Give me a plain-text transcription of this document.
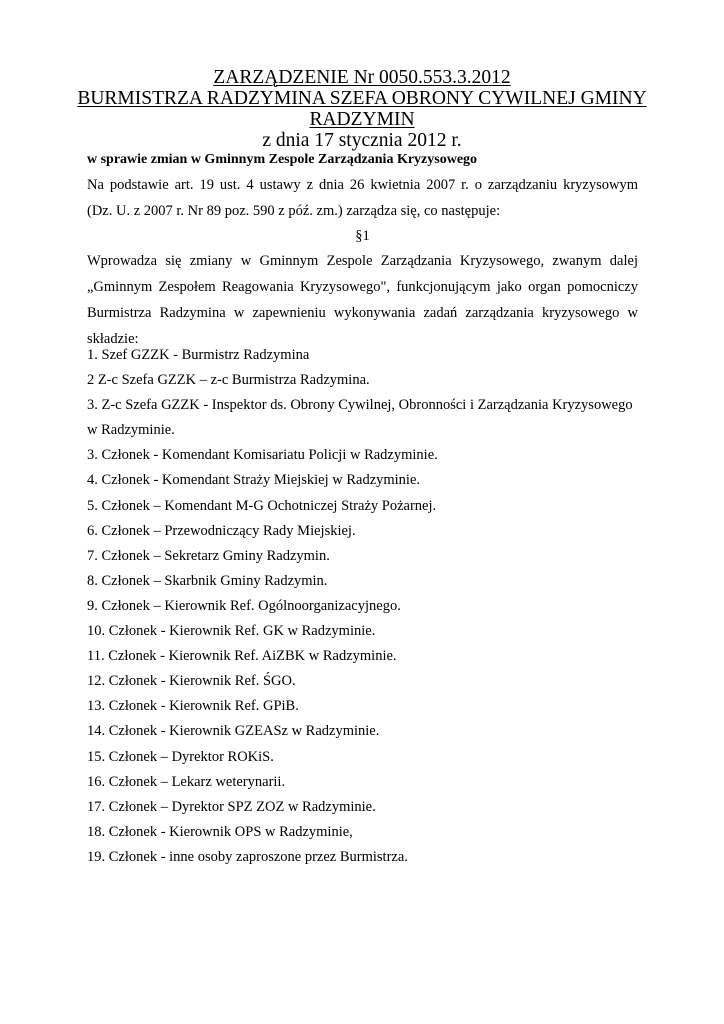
ZARZĄDZENIE Nr 0050.553.3.2012
BURMISTRZA RADZYMINA SZEFA OBRONY CYWILNEJ GMINY
RADZYMIN
z dnia 17 stycznia 2012 r.
w sprawie zmian w Gminnym Zespole Zarządzania Kryzysowego
Na podstawie art. 19 ust. 4 ustawy z dnia 26 kwietnia 2007 r. o zarządzaniu kryzysowym
(Dz. U. z 2007 r. Nr 89 poz. 590 z póź. zm.) zarządza się, co następuje:
§1
Wprowadza się zmiany w Gminnym Zespole Zarządzania Kryzysowego, zwanym dalej
„Gminnym Zespołem Reagowania Kryzysowego", funkcjonującym jako organ pomocniczy
Burmistrza Radzymina w zapewnieniu wykonywania zadań zarządzania kryzysowego w
składzie:
1. Szef GZZK - Burmistrz Radzymina
2 Z-c Szefa GZZK – z-c Burmistrza Radzymina.
3. Z-c Szefa GZZK - Inspektor ds. Obrony Cywilnej, Obronności i Zarządzania Kryzysowego
w Radzyminie.
3. Członek - Komendant Komisariatu Policji w Radzyminie.
4. Członek - Komendant Straży Miejskiej w Radzyminie.
5. Członek – Komendant M-G Ochotniczej Straży Pożarnej.
6. Członek – Przewodniczący Rady Miejskiej.
7. Członek – Sekretarz Gminy Radzymin.
8. Członek – Skarbnik Gminy Radzymin.
9. Członek – Kierownik Ref. Ogólnoorganizacyjnego.
10. Członek - Kierownik Ref. GK w Radzyminie.
11. Członek - Kierownik Ref. AiZBK w Radzyminie.
12. Członek - Kierownik Ref. ŚGO.
13. Członek - Kierownik Ref. GPiB.
14. Członek - Kierownik GZEASz w Radzyminie.
15. Członek – Dyrektor ROKiS.
16. Członek – Lekarz weterynarii.
17. Członek – Dyrektor SPZ ZOZ w Radzyminie.
18. Członek - Kierownik OPS w Radzyminie,
19. Członek - inne osoby zaproszone przez Burmistrza.
